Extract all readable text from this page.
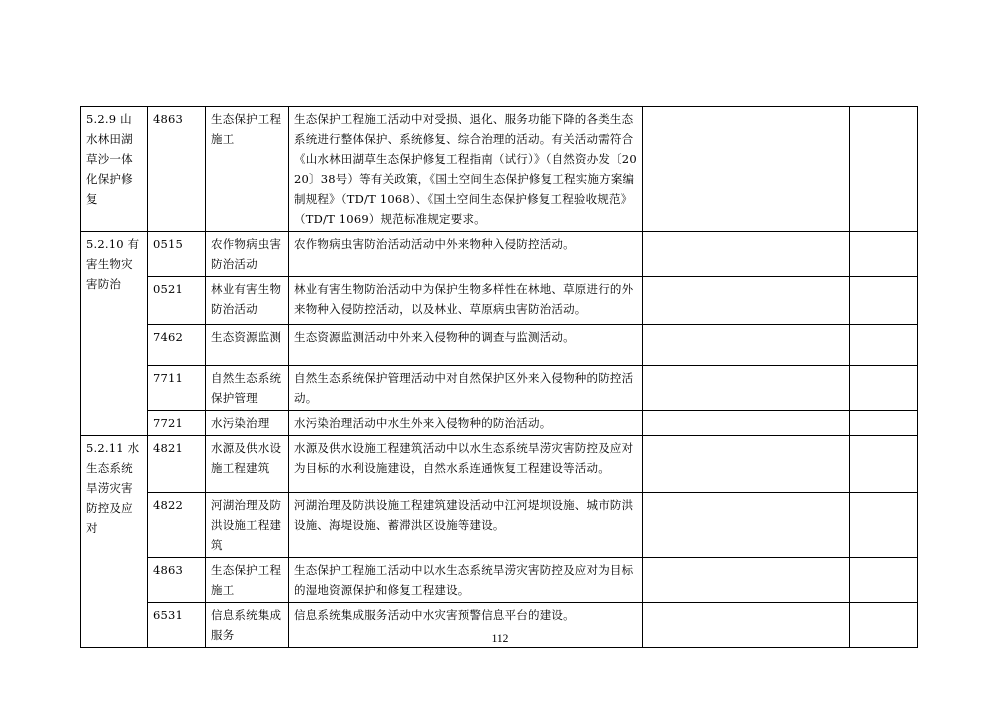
5.2.9 山水林田湖草沙一体化保护修复	4863	生态保护工程施工	生态保护工程施工活动中对受损、退化、服务功能下降的各类生态系统进行整体保护、系统修复、综合治理的活动。有关活动需符合《山水林田湖草生态保护修复工程指南（试行）》（自然资办发〔2020〕38号）等有关政策，《国土空间生态保护修复工程实施方案编制规程》（TD/T 1068）、《国土空间生态保护修复工程验收规范》（TD/T 1069）规范标准规定要求。		
5.2.10 有害生物灾害防治	0515	农作物病虫害防治活动	农作物病虫害防治活动活动中外来物种入侵防控活动。		
	0521	林业有害生物防治活动	林业有害生物防治活动中为保护生物多样性在林地、草原进行的外来物种入侵防控活动，以及林业、草原病虫害防治活动。		
	7462	生态资源监测	生态资源监测活动中外来入侵物种的调查与监测活动。		
	7711	自然生态系统保护管理	自然生态系统保护管理活动中对自然保护区外来入侵物种的防控活动。		
	7721	水污染治理	水污染治理活动中水生外来入侵物种的防治活动。		
5.2.11 水生态系统旱涝灾害防控及应对	4821	水源及供水设施工程建筑	水源及供水设施工程建筑活动中以水生态系统旱涝灾害防控及应对为目标的水利设施建设，自然水系连通恢复工程建设等活动。		
	4822	河湖治理及防洪设施工程建筑	河湖治理及防洪设施工程建筑建设活动中江河堤坝设施、城市防洪设施、海堤设施、蓄滞洪区设施等建设。		
	4863	生态保护工程施工	生态保护工程施工活动中以水生态系统旱涝灾害防控及应对为目标的湿地资源保护和修复工程建设。		
	6531	信息系统集成服务	信息系统集成服务活动中水灾害预警信息平台的建设。		
112
